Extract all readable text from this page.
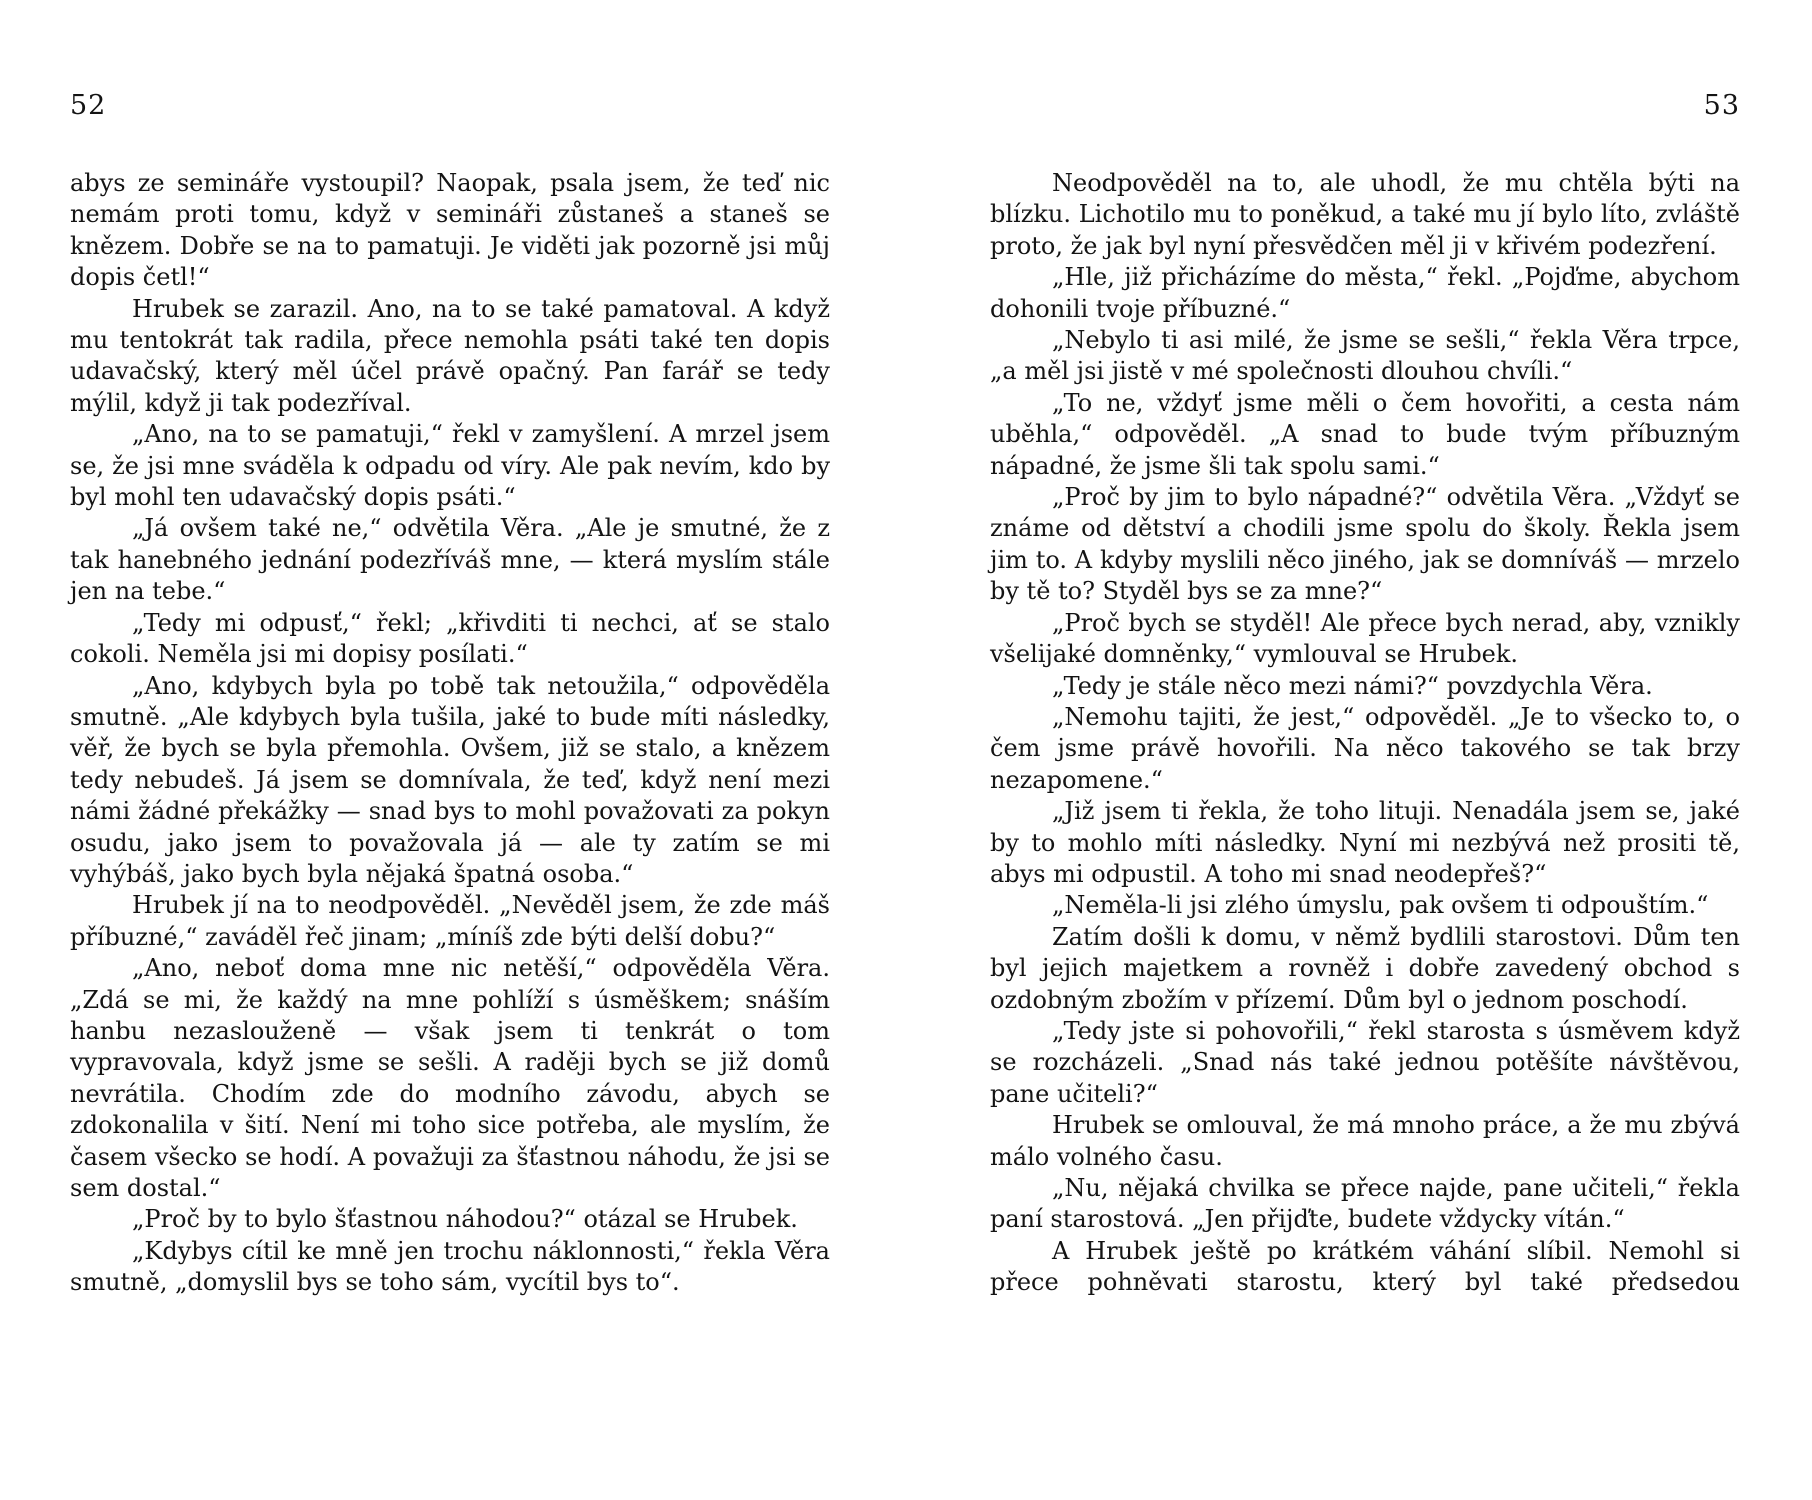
52

abys ze semináře vystoupil? Naopak, psala jsem, že teď nic nemám proti tomu, když v semináři zůstaneš a staneš se knězem. Dobře se na to pamatuji. Je viděti jak pozorně jsi můj dopis četl!“

Hrubek se zarazil. Ano, na to se také pamatoval. A když mu tentokrát tak radila, přece nemohla psáti také ten dopis udavačský, který měl účel právě opačný. Pan farář se tedy mýlil, když ji tak podezříval.

„Ano, na to se pamatuji,“ řekl v zamyšlení. A mrzel jsem se, že jsi mne sváděla k odpadu od víry. Ale pak nevím, kdo by byl mohl ten udavačský dopis psáti.“

„Já ovšem také ne,“ odvětila Věra. „Ale je smutné, že z tak hanebného jednání podezříváš mne, — která myslím stále jen na tebe.“

„Tedy mi odpusť,“ řekl; „křivditi ti nechci, ať se stalo cokoli. Neměla jsi mi dopisy posílati.“

„Ano, kdybych byla po tobě tak netoužila,“ odpověděla smutně. „Ale kdybych byla tušila, jaké to bude míti následky, věř, že bych se byla přemohla. Ovšem, již se stalo, a knězem tedy nebudeš. Já jsem se domnívala, že teď, když není mezi námi žádné překážky — snad bys to mohl považovati za pokyn osudu, jako jsem to považovala já — ale ty zatím se mi vyhýbáš, jako bych byla nějaká špatná osoba.“

Hrubek jí na to neodpověděl. „Nevěděl jsem, že zde máš příbuzné,“ zaváděl řeč jinam; „míníš zde býti delší dobu?“

„Ano, neboť doma mne nic netěší,“ odpověděla Věra. „Zdá se mi, že každý na mne pohlíží s úsměškem; snáším hanbu nezaslouženě — však jsem ti tenkrát o tom vypravovala, když jsme se sešli. A raději bych se již domů nevrátila. Chodím zde do modního závodu, abych se zdokonalila v šití. Není mi toho sice potřeba, ale myslím, že časem všecko se hodí. A považuji za šťastnou náhodu, že jsi se sem dostal.“

„Proč by to bylo šťastnou náhodou?“ otázal se Hrubek.

„Kdybys cítil ke mně jen trochu náklonnosti,“ řekla Věra smutně, „domyslil bys se toho sám, vycítil bys to“.

53

Neodpověděl na to, ale uhodl, že mu chtěla býti na blízku. Lichotilo mu to poněkud, a také mu jí bylo líto, zvláště proto, že jak byl nyní přesvědčen měl ji v křivém podezření.

„Hle, již přicházíme do města,“ řekl. „Pojďme, abychom dohonili tvoje příbuzné.“

„Nebylo ti asi milé, že jsme se sešli,“ řekla Věra trpce, „a měl jsi jistě v mé společnosti dlouhou chvíli.“

„To ne, vždyť jsme měli o čem hovořiti, a cesta nám uběhla,“ odpověděl. „A snad to bude tvým příbuzným nápadné, že jsme šli tak spolu sami.“

„Proč by jim to bylo nápadné?“ odvětila Věra. „Vždyť se známe od dětství a chodili jsme spolu do školy. Řekla jsem jim to. A kdyby myslili něco jiného, jak se domníváš — mrzelo by tě to? Styděl bys se za mne?“

„Proč bych se styděl! Ale přece bych nerad, aby, vznikly všelijaké domněnky,“ vymlouval se Hrubek.

„Tedy je stále něco mezi námi?“ povzdychla Věra.

„Nemohu tajiti, že jest,“ odpověděl. „Je to všecko to, o čem jsme právě hovořili. Na něco takového se tak brzy nezapomene.“

„Již jsem ti řekla, že toho lituji. Nenadála jsem se, jaké by to mohlo míti následky. Nyní mi nezbývá než prositi tě, abys mi odpustil. A toho mi snad neodepřeš?“

„Neměla-li jsi zlého úmyslu, pak ovšem ti odpouštím.“

Zatím došli k domu, v němž bydlili starostovi. Dům ten byl jejich majetkem a rovněž i dobře zavedený obchod s ozdobným zbožím v přízemí. Dům byl o jednom poschodí.

„Tedy jste si pohovořili,“ řekl starosta s úsměvem když se rozcházeli. „Snad nás také jednou potěšíte návštěvou, pane učiteli?“

Hrubek se omlouval, že má mnoho práce, a že mu zbývá málo volného času.

„Nu, nějaká chvilka se přece najde, pane učiteli,“ řekla paní starostová. „Jen přijďte, budete vždycky vítán.“

A Hrubek ještě po krátkém váhání slíbil. Nemohl si přece pohněvati starostu, který byl také předsedou
